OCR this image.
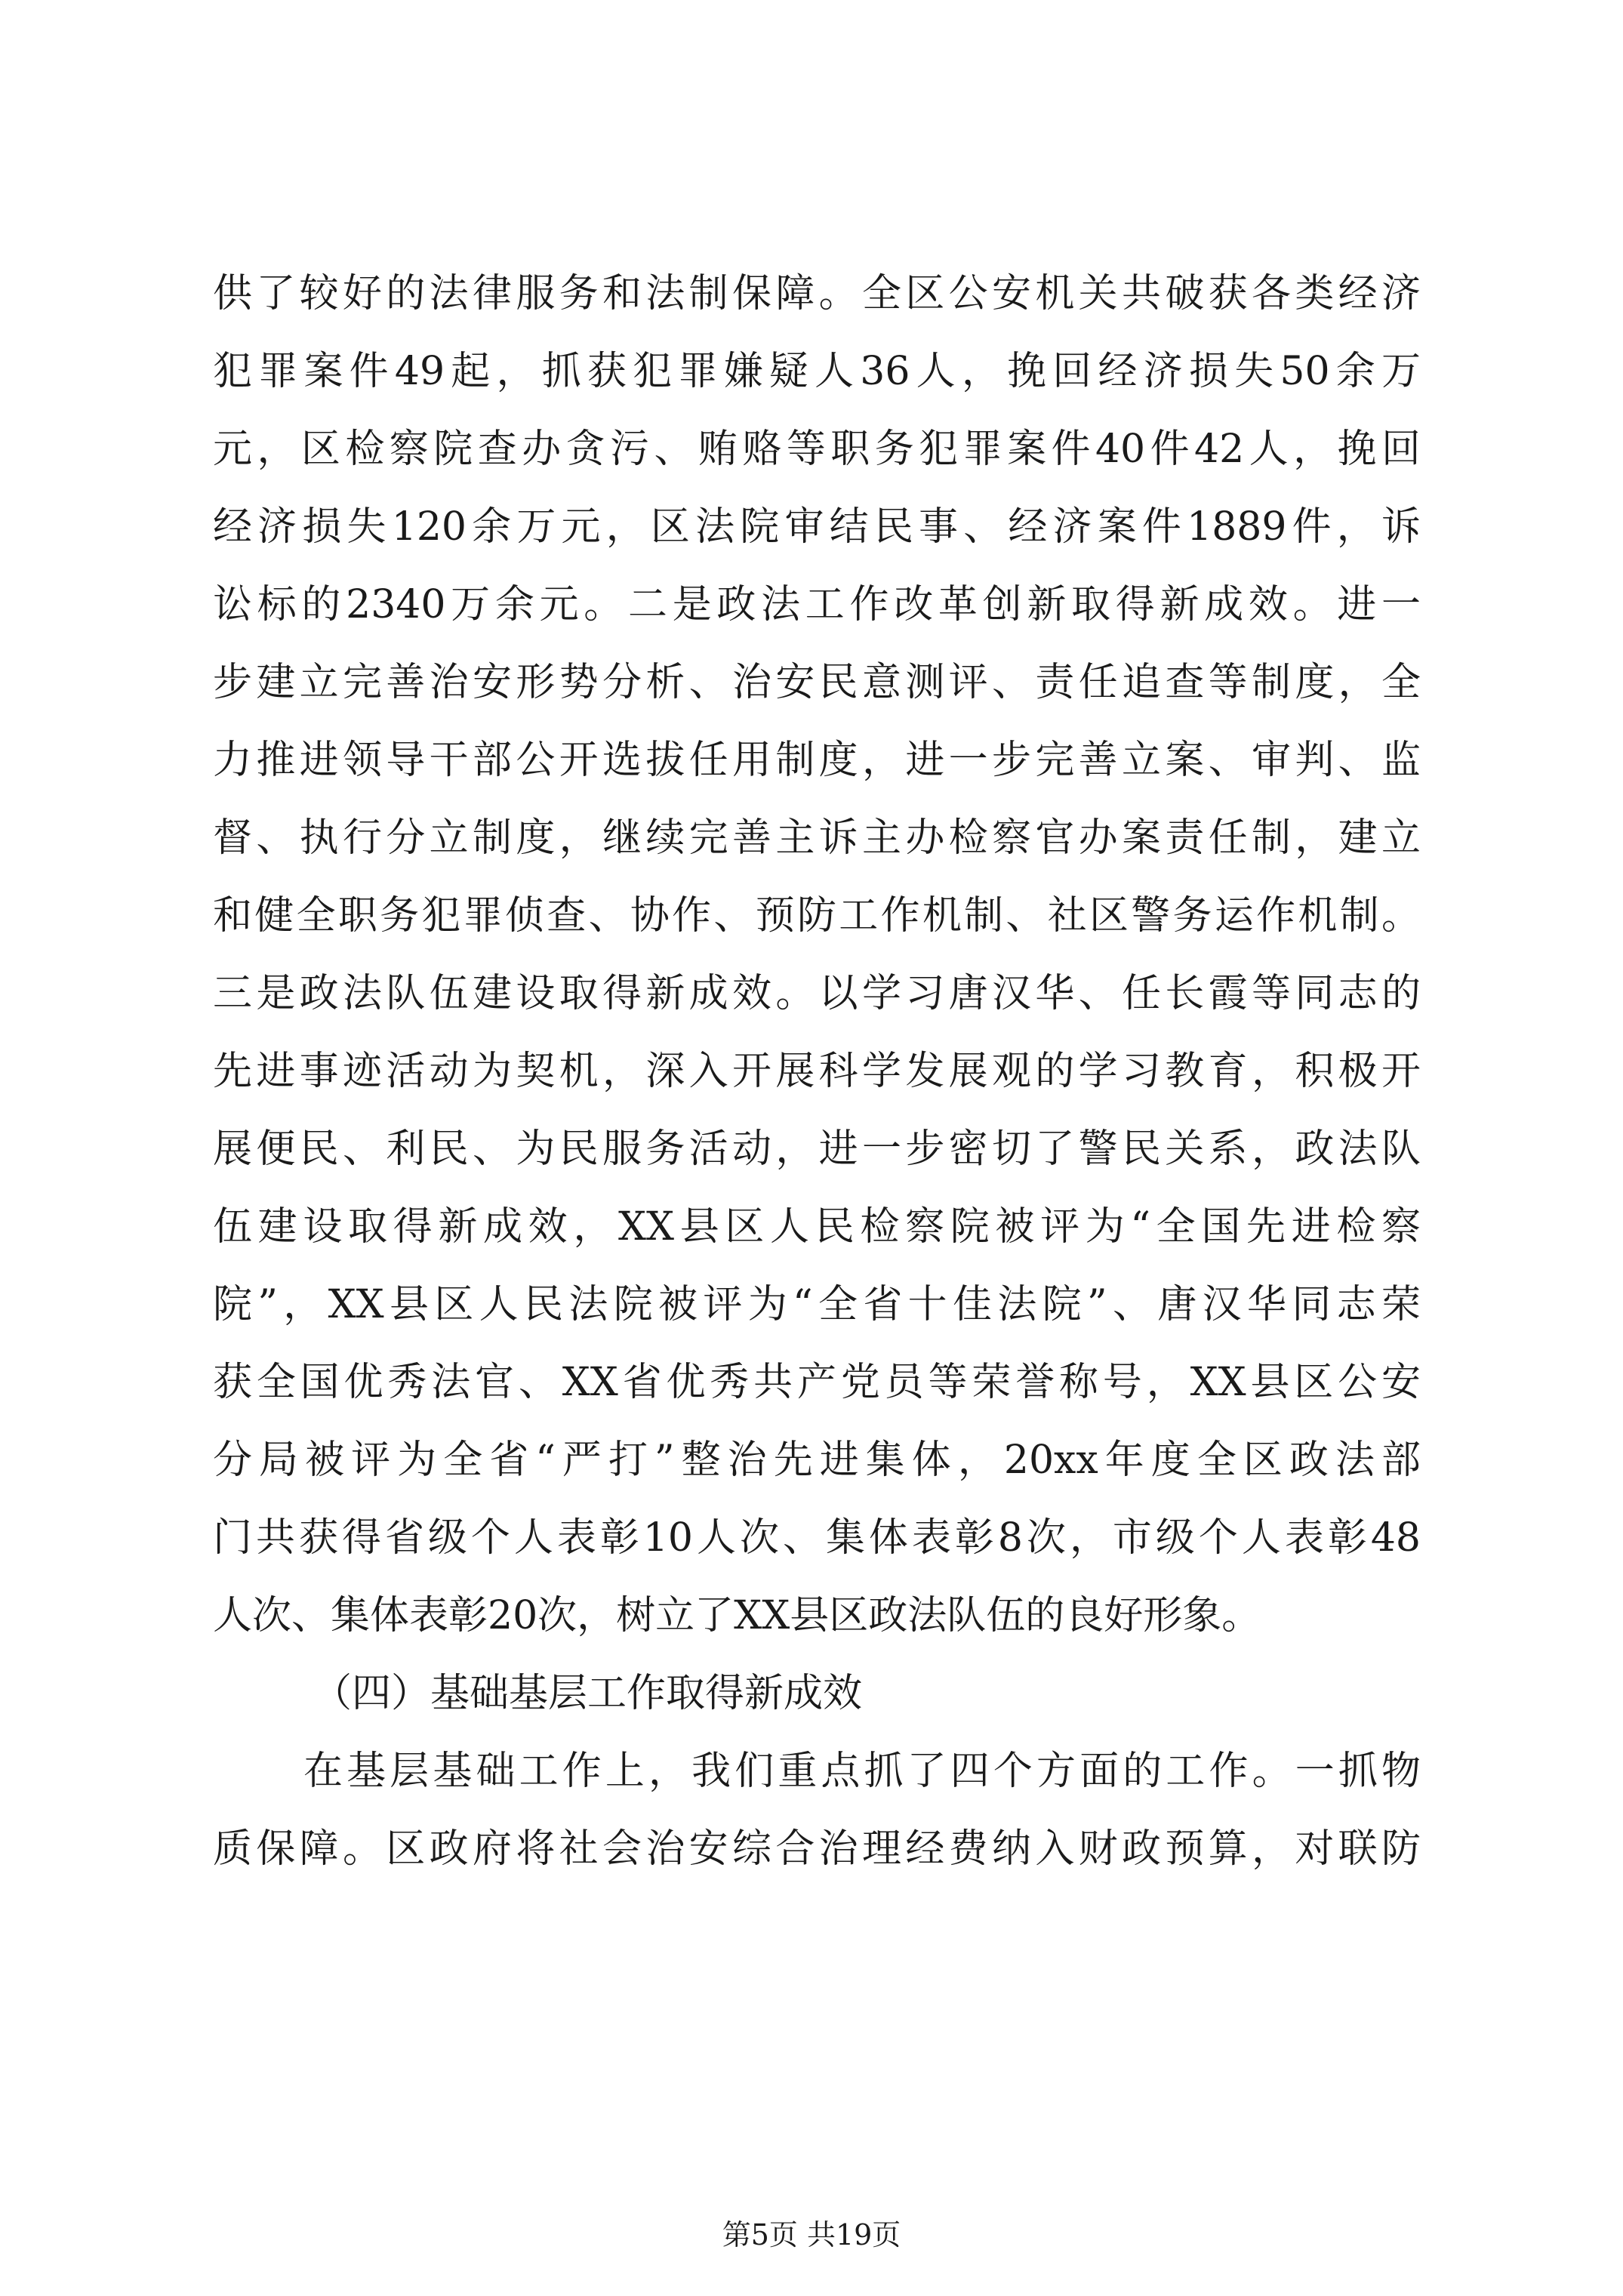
供了较好的法律服务和法制保障。全区公安机关共破获各类经济
犯罪案件49起，抓获犯罪嫌疑人36人，挽回经济损失50余万
元，区检察院查办贪污、贿赂等职务犯罪案件40件42人，挽回
经济损失120余万元，区法院审结民事、经济案件1889件，诉
讼标的2340万余元。二是政法工作改革创新取得新成效。进一
步建立完善治安形势分析、治安民意测评、责任追查等制度，全
力推进领导干部公开选拔任用制度，进一步完善立案、审判、监
督、执行分立制度，继续完善主诉主办检察官办案责任制，建立
和健全职务犯罪侦查、协作、预防工作机制、社区警务运作机制。
三是政法队伍建设取得新成效。以学习唐汉华、任长霞等同志的
先进事迹活动为契机，深入开展科学发展观的学习教育，积极开
展便民、利民、为民服务活动，进一步密切了警民关系，政法队
伍建设取得新成效，XX县区人民检察院被评为“全国先进检察
院”，XX县区人民法院被评为“全省十佳法院”、唐汉华同志荣
获全国优秀法官、XX省优秀共产党员等荣誉称号，XX县区公安
分局被评为全省“严打”整治先进集体，20xx年度全区政法部
门共获得省级个人表彰10人次、集体表彰8次，市级个人表彰48
人次、集体表彰20次，树立了XX县区政法队伍的良好形象。
（四）基础基层工作取得新成效
在基层基础工作上，我们重点抓了四个方面的工作。一抓物
质保障。区政府将社会治安综合治理经费纳入财政预算，对联防
第5页 共19页
